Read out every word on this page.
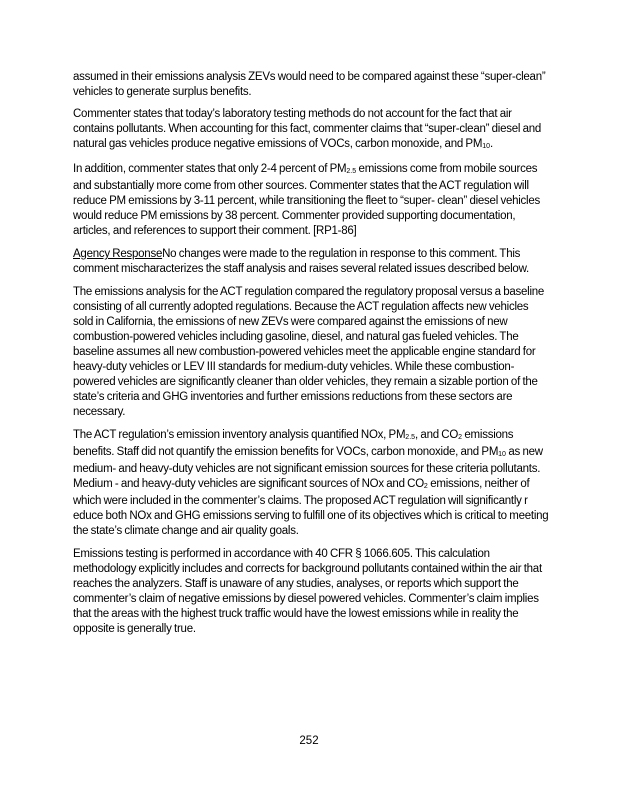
assumed in their emissions analysis ZEVs would need to be compared against these “super-clean” vehicles to generate surplus benefits.

Commenter states that today’s laboratory testing methods do not account for the fact that air contains pollutants. When accounting for this fact, commenter claims that “super-clean” diesel and natural gas vehicles produce negative emissions of VOCs, carbon monoxide, and PM10.

In addition, commenter states that only 2-4 percent of PM2.5 emissions come from mobile sources and substantially more come from other sources. Commenter states that the ACT regulation will reduce PM emissions by 3-11 percent, while transitioning the fleet to “super- clean” diesel vehicles would reduce PM emissions by 38 percent. Commenter provided supporting documentation, articles, and references to support their comment. [RP1-86]

Agency ResponseNo changes were made to the regulation in response to this comment. This comment mischaracterizes the staff analysis and raises several related issues described below.

The emissions analysis for the ACT regulation compared the regulatory proposal versus a baseline consisting of all currently adopted regulations. Because the ACT regulation affects new vehicles sold in California, the emissions of new ZEVs were compared against the emissions of new combustion-powered vehicles including gasoline, diesel, and natural gas fueled vehicles. The baseline assumes all new combustion-powered vehicles meet the applicable engine standard for heavy-duty vehicles or LEV III standards for medium-duty vehicles. While these combustion-powered vehicles are significantly cleaner than older vehicles, they remain a sizable portion of the state’s criteria and GHG inventories and further emissions reductions from these sectors are necessary.

The ACT regulation’s emission inventory analysis quantified NOx, PM2.5, and CO2 emissions benefits. Staff did not quantify the emission benefits for VOCs, carbon monoxide, and PM10 as new medium- and heavy-duty vehicles are not significant emission sources for these criteria pollutants. Medium - and heavy-duty vehicles are significant sources of NOx and CO2 emissions, neither of which were included in the commenter’s claims. The proposed ACT regulation will significantly r educe both NOx and GHG emissions serving to fulfill one of its objectives which is critical to meeting the state’s climate change and air quality goals.

Emissions testing is performed in accordance with 40 CFR § 1066.605. This calculation methodology explicitly includes and corrects for background pollutants contained within the air that reaches the analyzers. Staff is unaware of any studies, analyses, or reports which support the commenter’s claim of negative emissions by diesel powered vehicles. Commenter’s claim implies that the areas with the highest truck traffic would have the lowest emissions while in reality the opposite is generally true.

252
